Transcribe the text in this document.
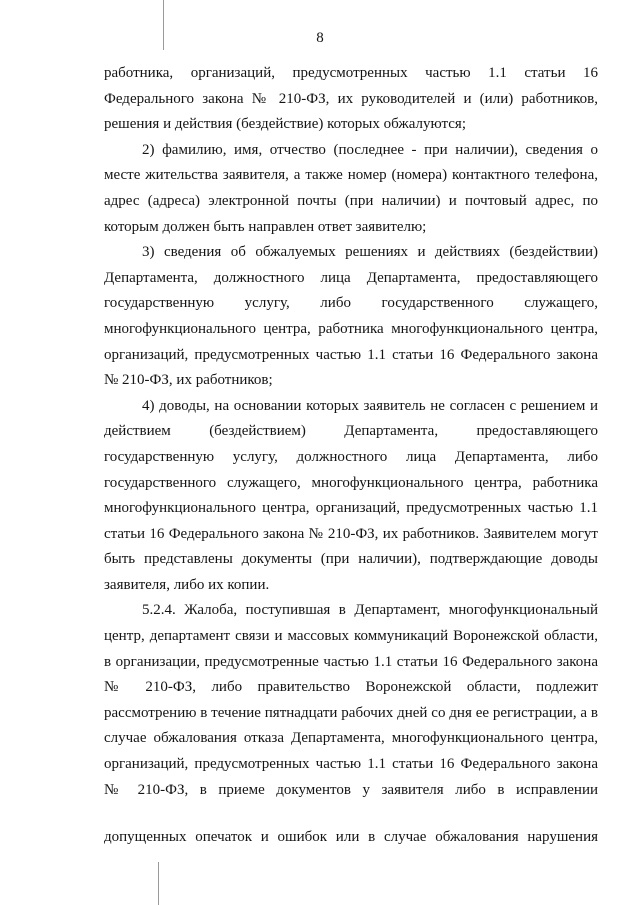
8

работника, организаций, предусмотренных частью 1.1 статьи 16 Федерального закона № 210-ФЗ, их руководителей и (или) работников, решения и действия (бездействие) которых обжалуются;

2) фамилию, имя, отчество (последнее - при наличии), сведения о месте жительства заявителя, а также номер (номера) контактного телефона, адрес (адреса) электронной почты (при наличии) и почтовый адрес, по которым должен быть направлен ответ заявителю;

3) сведения об обжалуемых решениях и действиях (бездействии) Департамента, должностного лица Департамента, предоставляющего государственную услугу, либо государственного служащего, многофункционального центра, работника многофункционального центра, организаций, предусмотренных частью 1.1 статьи 16 Федерального закона № 210-ФЗ, их работников;

4) доводы, на основании которых заявитель не согласен с решением и действием (бездействием) Департамента, предоставляющего государственную услугу, должностного лица Департамента, либо государственного служащего, многофункционального центра, работника многофункционального центра, организаций, предусмотренных частью 1.1 статьи 16 Федерального закона № 210-ФЗ, их работников. Заявителем могут быть представлены документы (при наличии), подтверждающие доводы заявителя, либо их копии.

5.2.4. Жалоба, поступившая в Департамент, многофункциональный центр, департамент связи и массовых коммуникаций Воронежской области, в организации, предусмотренные частью 1.1 статьи 16 Федерального закона № 210-ФЗ, либо правительство Воронежской области, подлежит рассмотрению в течение пятнадцати рабочих дней со дня ее регистрации, а в случае обжалования отказа Департамента, многофункционального центра, организаций, предусмотренных частью 1.1 статьи 16 Федерального закона № 210-ФЗ, в приеме документов у заявителя либо в исправлении

допущенных опечаток и ошибок или в случае обжалования нарушения
